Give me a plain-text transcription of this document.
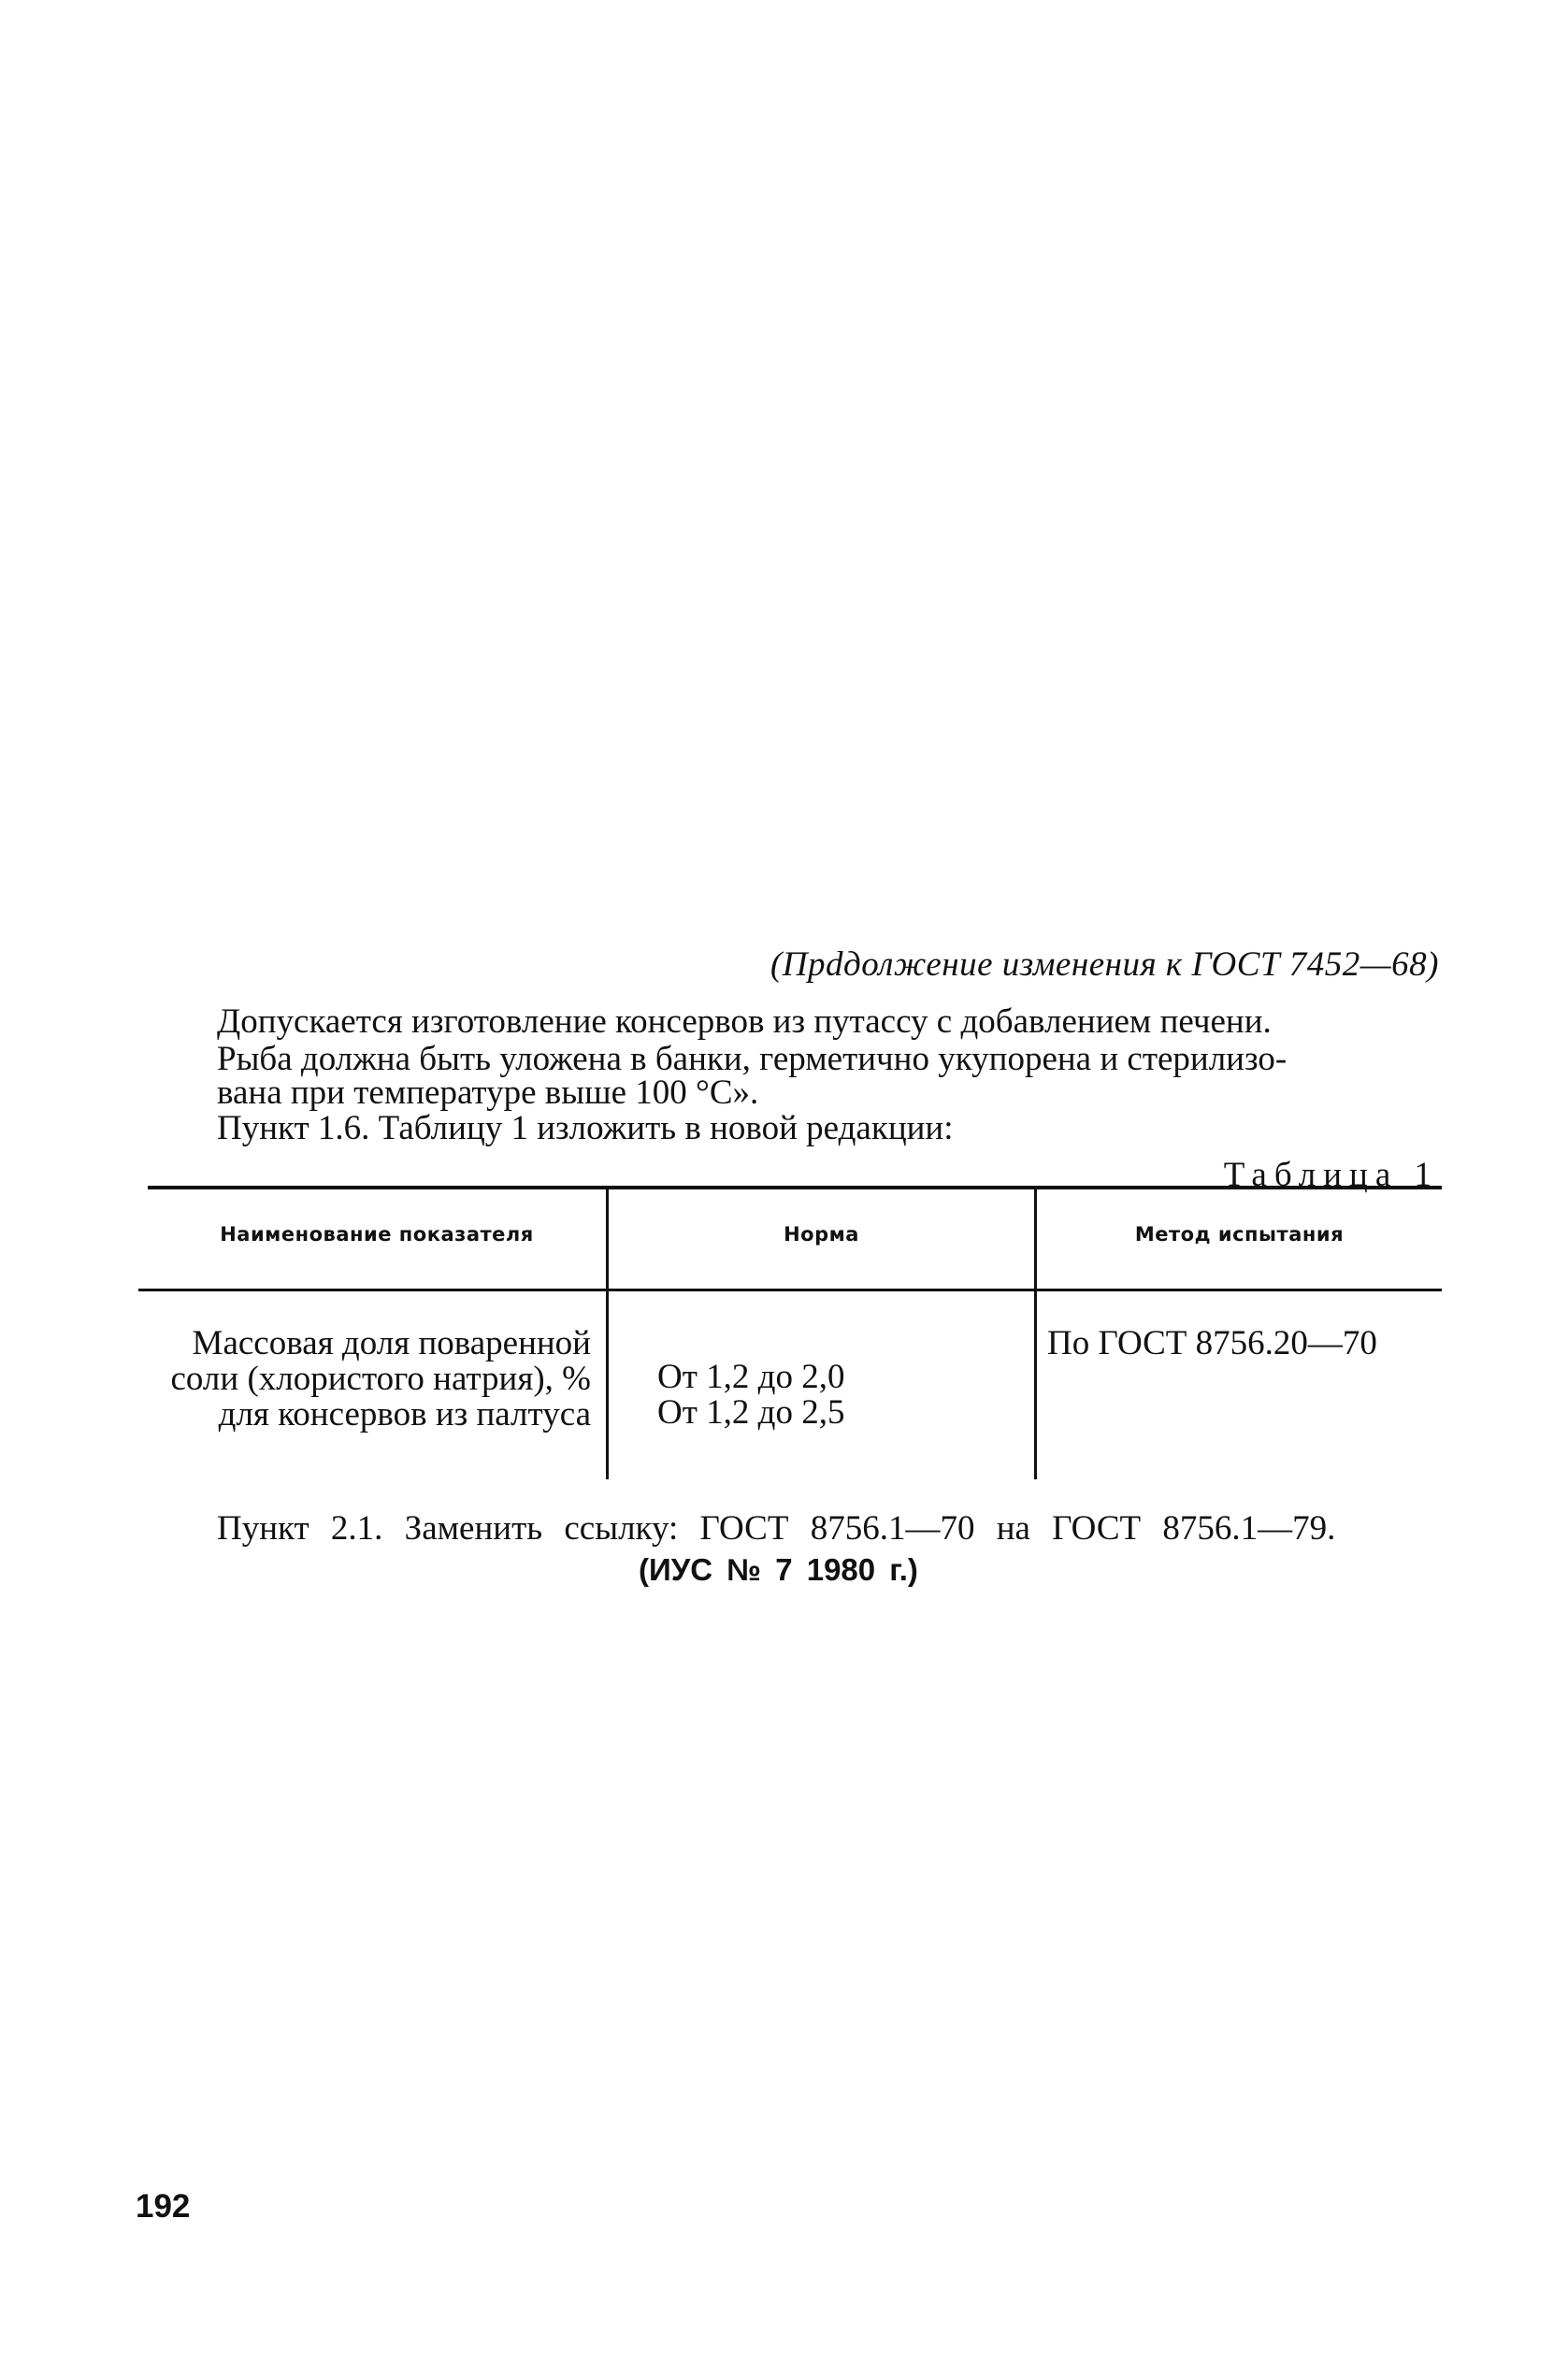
(Прdдолжение изменения к ГОСТ 7452—68)
Допускается изготовление консервов из путассу с добавлением печени.
Рыба должна быть уложена в банки, герметично укупорена и стерилизо-
вана при температуре выше 100 °С».
Пункт 1.6. Таблицу 1 изложить в новой редакции:
Таблица 1
Наименование показателя	Норма	Метод испытания
Массовая доля поваренной
соли (хлористого натрия), %
для консервов из палтуса
От 1,2 до 2,0
От 1,2 до 2,5
По ГОСТ 8756.20—70
Пункт 2.1. Заменить ссылку: ГОСТ 8756.1—70 на ГОСТ 8756.1—79.
(ИУС № 7 1980 г.)
192
